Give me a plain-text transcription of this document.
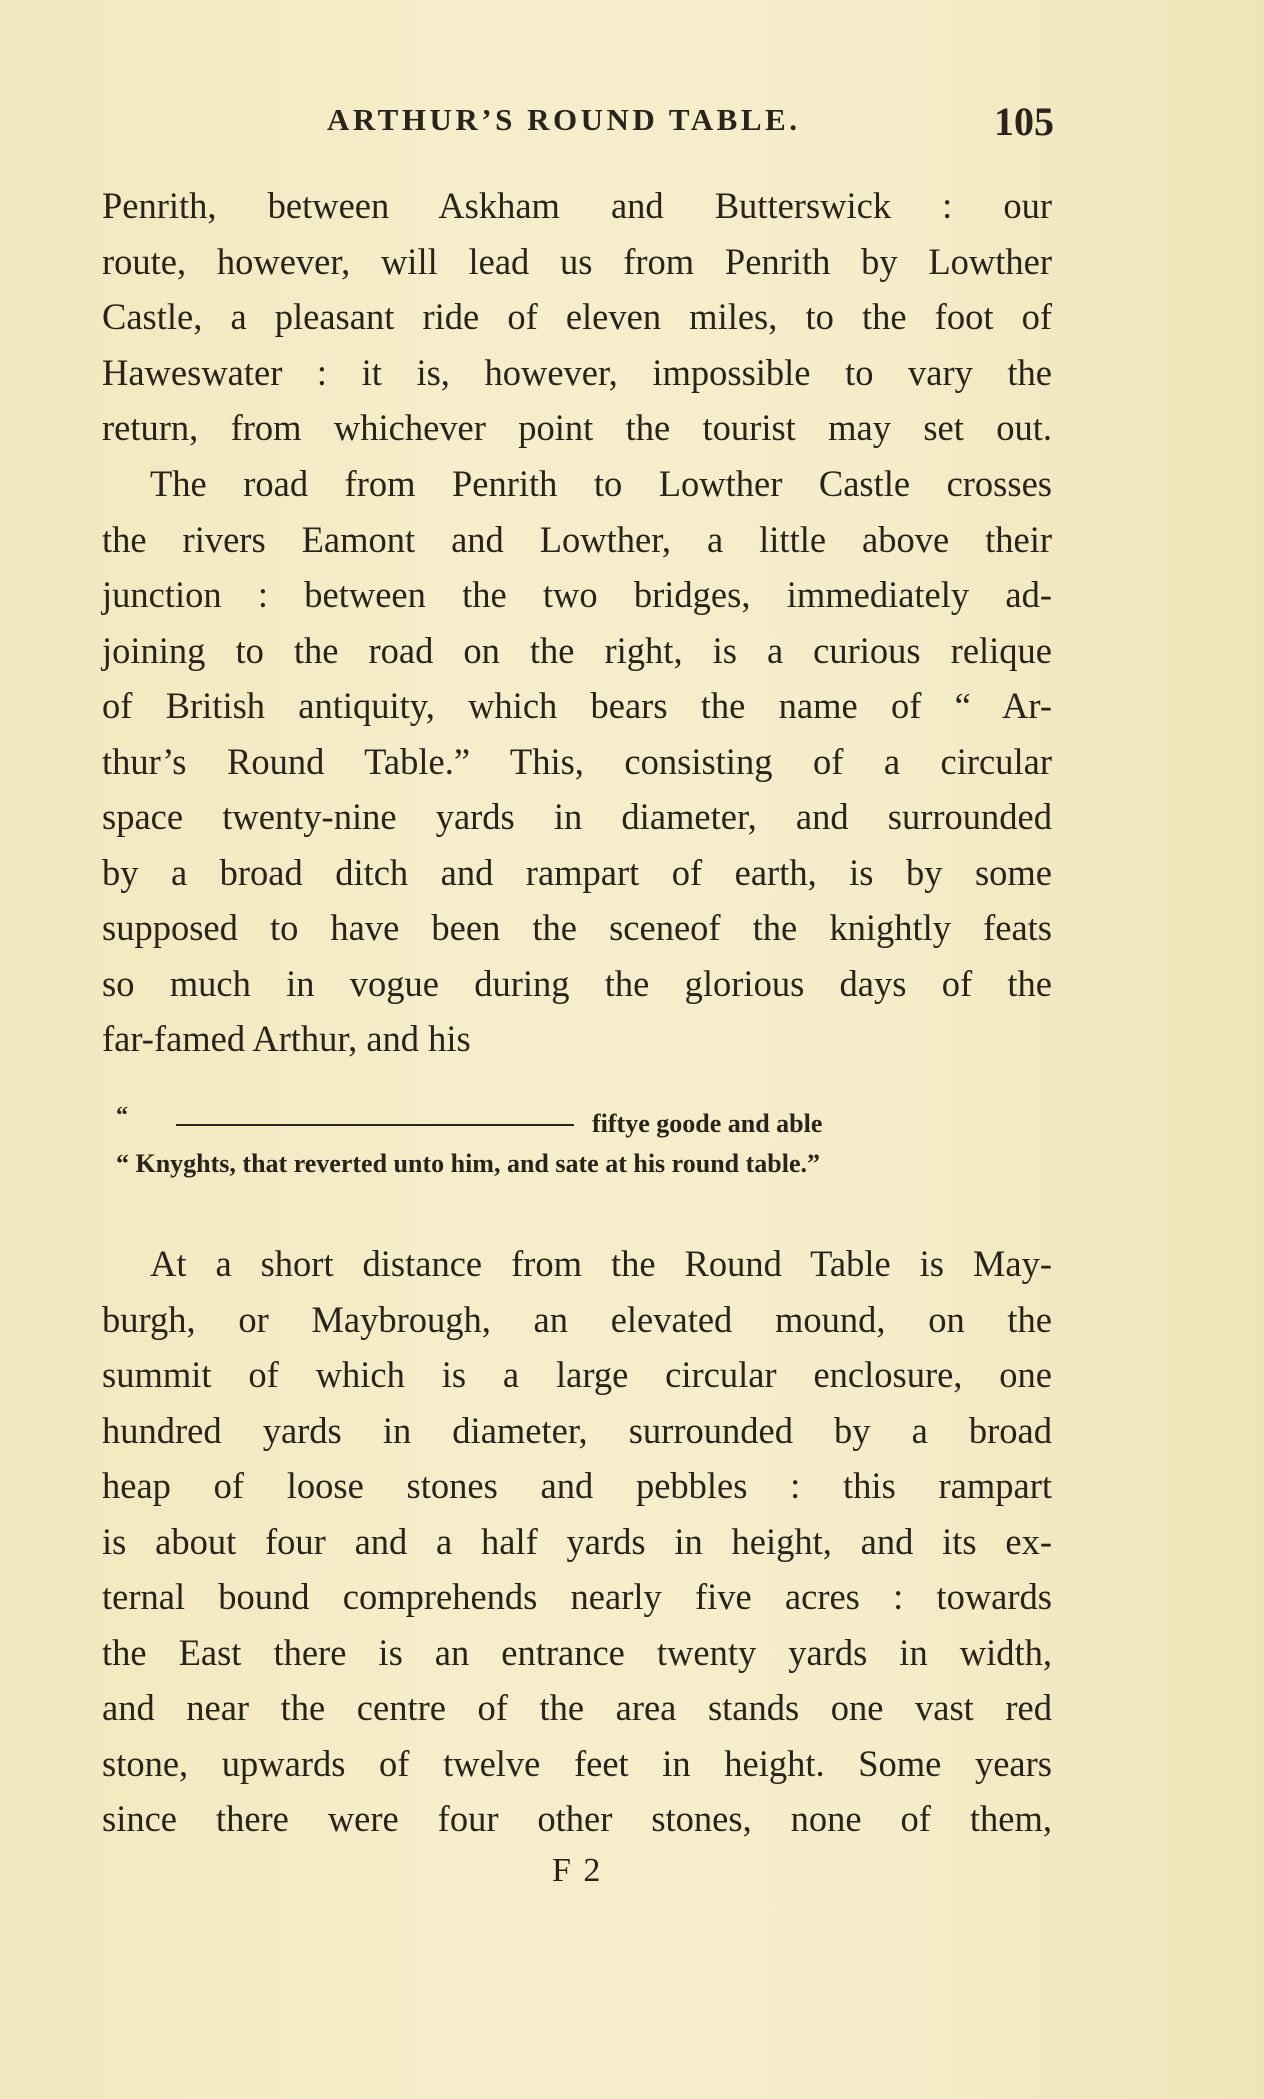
ARTHUR’S ROUND TABLE.	105
Penrith, between Askham and Butterswick : our
route, however, will lead us from Penrith by Lowther
Castle, a pleasant ride of eleven miles, to the foot of
Haweswater : it is, however, impossible to vary the
return, from whichever point the tourist may set out.
The road from Penrith to Lowther Castle crosses
the rivers Eamont and Lowther, a little above their
junction : between the two bridges, immediately ad-
joining to the road on the right, is a curious relique
of British antiquity, which bears the name of “ Ar-
thur’s Round Table.” This, consisting of a circular
space twenty-nine yards in diameter, and surrounded
by a broad ditch and rampart of earth, is by some
supposed to have been the sceneof the knightly feats
so much in vogue during the glorious days of the
far-famed Arthur, and his
“	fiftye goode and able
“ Knyghts, that reverted unto him, and sate at his round table.”
At a short distance from the Round Table is May-
burgh, or Maybrough, an elevated mound, on the
summit of which is a large circular enclosure, one
hundred yards in diameter, surrounded by a broad
heap of loose stones and pebbles : this rampart
is about four and a half yards in height, and its ex-
ternal bound comprehends nearly five acres : towards
the East there is an entrance twenty yards in width,
and near the centre of the area stands one vast red
stone, upwards of twelve feet in height. Some years
since there were four other stones, none of them,
F 2
